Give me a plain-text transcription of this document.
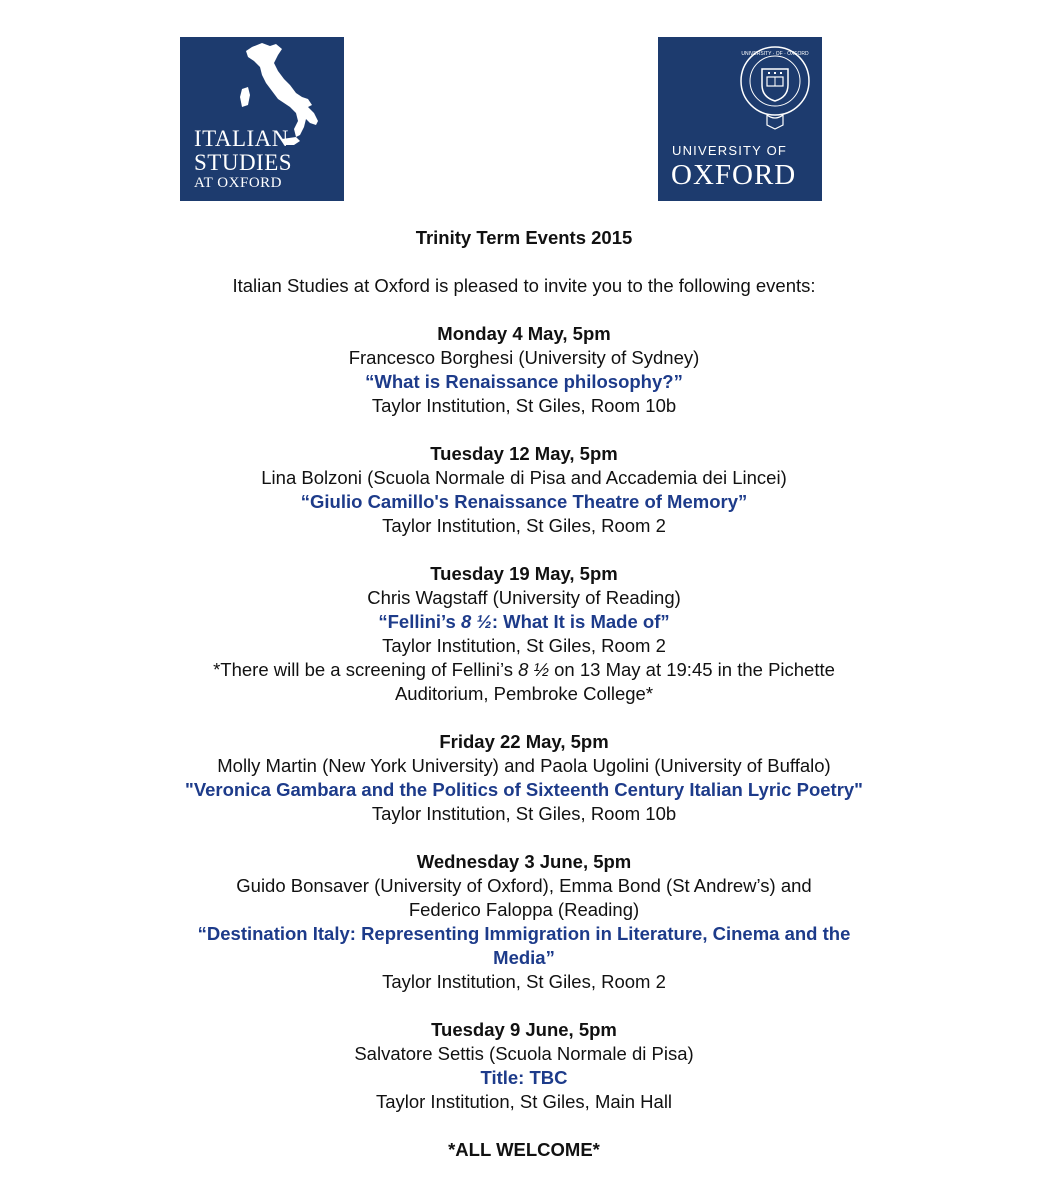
ITALIAN
STUDIES
AT OXFORD
UNIVERSITY · OF · OXFORD
UNIVERSITY OF
OXFORD
Trinity Term Events 2015
Italian Studies at Oxford is pleased to invite you to the following events:
Monday 4 May, 5pm
Francesco Borghesi (University of Sydney)
“What is Renaissance philosophy?”
Taylor Institution, St Giles, Room 10b
Tuesday 12 May, 5pm
Lina Bolzoni (Scuola Normale di Pisa and Accademia dei Lincei)
“Giulio Camillo's Renaissance Theatre of Memory”
Taylor Institution, St Giles, Room 2
Tuesday 19 May, 5pm
Chris Wagstaff (University of Reading)
“Fellini’s 8 ½: What It is Made of”
Taylor Institution, St Giles, Room 2
*There will be a screening of Fellini’s 8 ½ on 13 May at 19:45 in the Pichette Auditorium, Pembroke College*
Friday 22 May, 5pm
Molly Martin (New York University) and Paola Ugolini (University of Buffalo)
"Veronica Gambara and the Politics of Sixteenth Century Italian Lyric Poetry"
Taylor Institution, St Giles, Room 10b
Wednesday 3 June, 5pm
Guido Bonsaver (University of Oxford), Emma Bond (St Andrew’s) and
Federico Faloppa (Reading)
“Destination Italy: Representing Immigration in Literature, Cinema and the Media”
Taylor Institution, St Giles, Room 2
Tuesday 9 June, 5pm
Salvatore Settis (Scuola Normale di Pisa)
Title: TBC
Taylor Institution, St Giles, Main Hall
*ALL WELCOME*
